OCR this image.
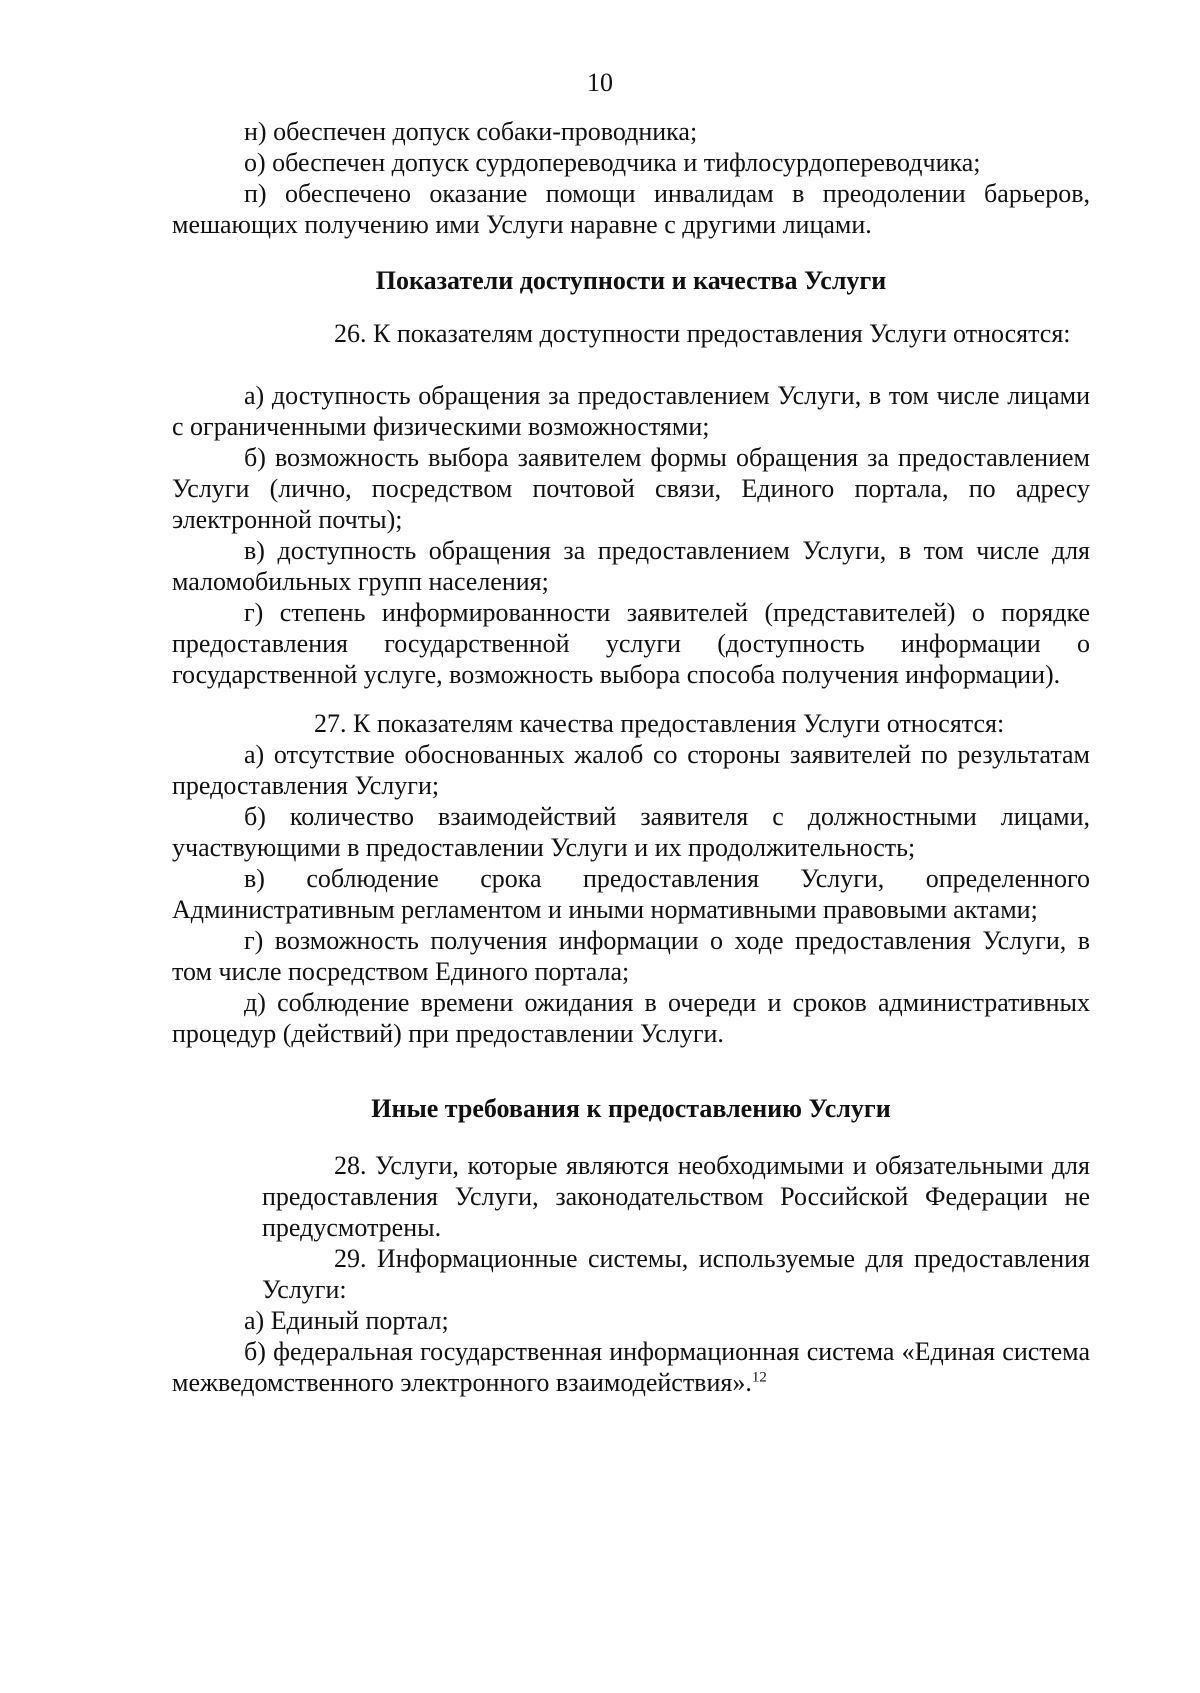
10

н) обеспечен допуск собаки-проводника;

о) обеспечен допуск сурдопереводчика и тифлосурдопереводчика;

п) обеспечено оказание помощи инвалидам в преодолении барьеров, мешающих получению ими Услуги наравне с другими лицами.

Показатели доступности и качества Услуги

26. К показателям доступности предоставления Услуги относятся:

а) доступность обращения за предоставлением Услуги, в том числе лицами с ограниченными физическими возможностями;

б) возможность выбора заявителем формы обращения за предоставлением Услуги (лично, посредством почтовой связи, Единого портала, по адресу электронной почты);

в) доступность обращения за предоставлением Услуги, в том числе для маломобильных групп населения;

г) степень информированности заявителей (представителей) о порядке предоставления государственной услуги (доступность информации о государственной услуге, возможность выбора способа получения информации).

27. К показателям качества предоставления Услуги относятся:

а) отсутствие обоснованных жалоб со стороны заявителей по результатам предоставления Услуги;

б) количество взаимодействий заявителя с должностными лицами, участвующими в предоставлении Услуги и их продолжительность;

в) соблюдение срока предоставления Услуги, определенного Административным регламентом и иными нормативными правовыми актами;

г) возможность получения информации о ходе предоставления Услуги, в том числе посредством Единого портала;

д) соблюдение времени ожидания в очереди и сроков административных процедур (действий) при предоставлении Услуги.

Иные требования к предоставлению Услуги

28. Услуги, которые являются необходимыми и обязательными для предоставления Услуги, законодательством Российской Федерации не предусмотрены.

29. Информационные системы, используемые для предоставления Услуги:

а) Единый портал;

б) федеральная государственная информационная система «Единая система межведомственного электронного взаимодействия».$^{12}$
